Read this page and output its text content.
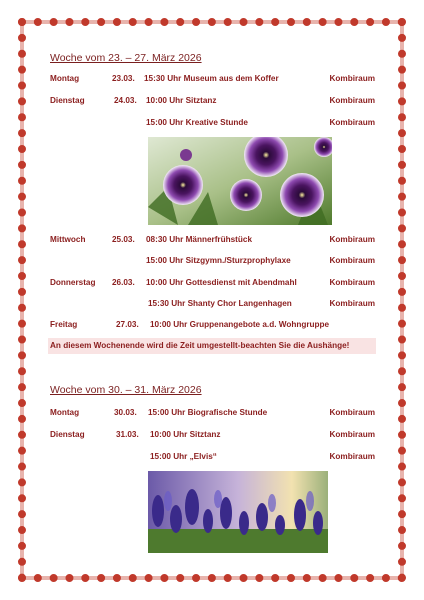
Woche vom 23. – 27. März 2026
Montag	23.03. 15:30 Uhr Museum aus dem Koffer	Kombiraum
Dienstag	24.03. 10:00 Uhr Sitztanz	Kombiraum
15:00 Uhr Kreative Stunde	Kombiraum
Mittwoch	25.03. 08:30 Uhr Männerfrühstück	Kombiraum
15:00 Uhr Sitzgymn./Sturzprophylaxe	Kombiraum
Donnerstag 26.03. 10:00 Uhr Gottesdienst mit Abendmahl	Kombiraum
15:30 Uhr Shanty Chor Langenhagen	Kombiraum
Freitag	27.03. 10:00 Uhr Gruppenangebote a.d. Wohngruppe
An diesem Wochenende wird die Zeit umgestellt-beachten Sie die Aushänge!
Woche vom 30. – 31. März 2026
Montag	30.03. 15:00 Uhr Biografische Stunde	Kombiraum
Dienstag	31.03. 10:00 Uhr Sitztanz	Kombiraum
15:00 Uhr „Elvis“	Kombiraum
